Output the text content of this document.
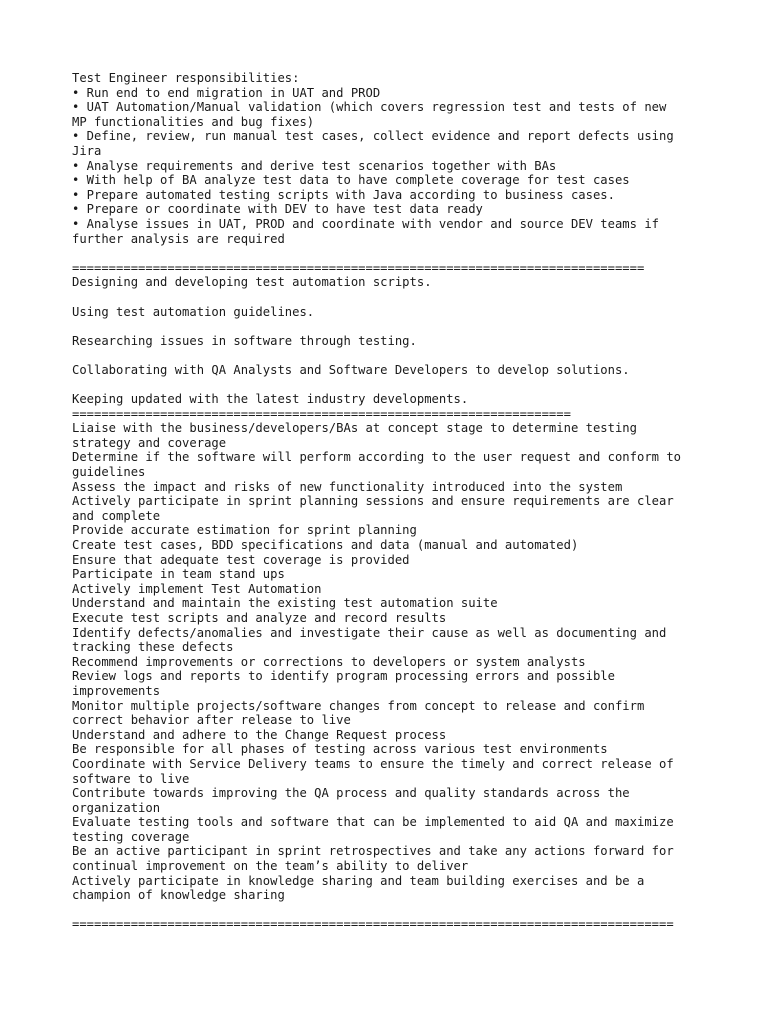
Test Engineer responsibilities:
• Run end to end migration in UAT and PROD
• UAT Automation/Manual validation (which covers regression test and tests of new
MP functionalities and bug fixes)
• Define, review, run manual test cases, collect evidence and report defects using
Jira
• Analyse requirements and derive test scenarios together with BAs
• With help of BA analyze test data to have complete coverage for test cases
• Prepare automated testing scripts with Java according to business cases.
• Prepare or coordinate with DEV to have test data ready
• Analyse issues in UAT, PROD and coordinate with vendor and source DEV teams if
further analysis are required
==============================================================================
Designing and developing test automation scripts.
Using test automation guidelines.
Researching issues in software through testing.
Collaborating with QA Analysts and Software Developers to develop solutions.
Keeping updated with the latest industry developments.
====================================================================
Liaise with the business/developers/BAs at concept stage to determine testing
strategy and coverage
Determine if the software will perform according to the user request and conform to
guidelines
Assess the impact and risks of new functionality introduced into the system
Actively participate in sprint planning sessions and ensure requirements are clear
and complete
Provide accurate estimation for sprint planning
Create test cases, BDD specifications and data (manual and automated)
Ensure that adequate test coverage is provided
Participate in team stand ups
Actively implement Test Automation
Understand and maintain the existing test automation suite
Execute test scripts and analyze and record results
Identify defects/anomalies and investigate their cause as well as documenting and
tracking these defects
Recommend improvements or corrections to developers or system analysts
Review logs and reports to identify program processing errors and possible
improvements
Monitor multiple projects/software changes from concept to release and confirm
correct behavior after release to live
Understand and adhere to the Change Request process
Be responsible for all phases of testing across various test environments
Coordinate with Service Delivery teams to ensure the timely and correct release of
software to live
Contribute towards improving the QA process and quality standards across the
organization
Evaluate testing tools and software that can be implemented to aid QA and maximize
testing coverage
Be an active participant in sprint retrospectives and take any actions forward for
continual improvement on the team’s ability to deliver
Actively participate in knowledge sharing and team building exercises and be a
champion of knowledge sharing
==================================================================================
